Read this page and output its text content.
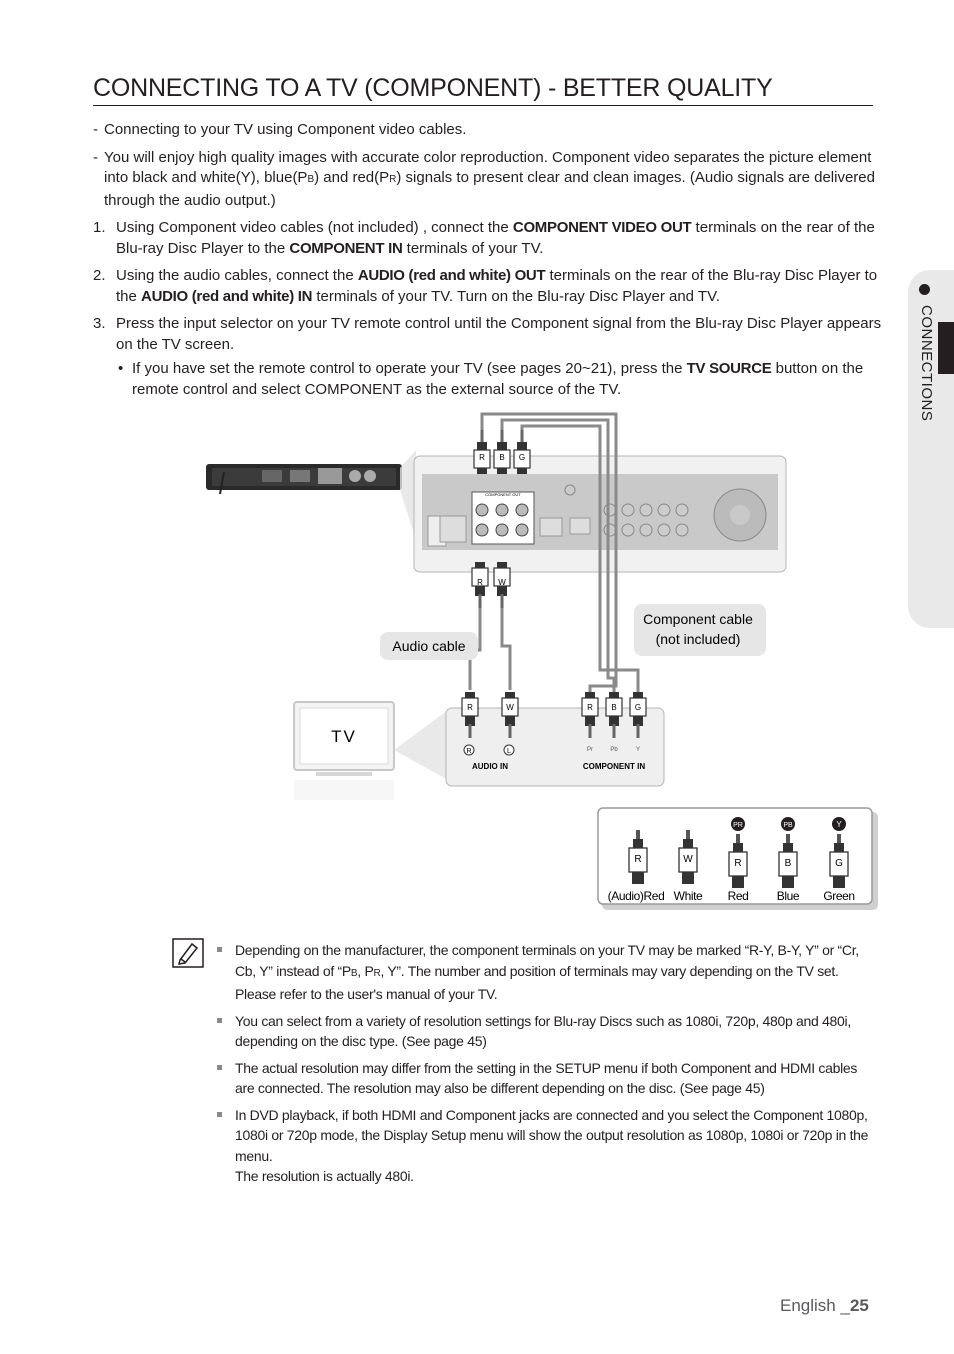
CONNECTING TO A TV (COMPONENT) - BETTER QUALITY
- Connecting to your TV using Component video cables.
- You will enjoy high quality images with accurate color reproduction. Component video separates the picture element into black and white(Y), blue(PB) and red(PR) signals to present clear and clean images. (Audio signals are delivered through the audio output.)
1. Using Component video cables (not included) , connect the COMPONENT VIDEO OUT terminals on the rear of the Blu-ray Disc Player to the COMPONENT IN terminals of your TV.
2. Using the audio cables, connect the AUDIO (red and white) OUT terminals on the rear of the Blu-ray Disc Player to the AUDIO (red and white) IN terminals of your TV. Turn on the Blu-ray Disc Player and TV.
3. Press the input selector on your TV remote control until the Component signal from the Blu-ray Disc Player appears on the TV screen.
• If you have set the remote control to operate your TV (see pages 20~21), press the TV SOURCE button on the remote control and select COMPONENT as the external source of the TV.	CONNECTIONS
COMPONENT OUT
R B G
R W
Audio cable
Component cable
(not included)
TV
R	L
AUDIO IN
Pr	Pb	Y
COMPONENT IN
R	W	R B G
R
(Audio)Red
W
White
PR
R
Red
PB
B
Blue
Y
G
Green
Depending on the manufacturer, the component terminals on your TV may be marked “R-Y, B-Y, Y” or “Cr, Cb, Y” instead of “PB, PR, Y”. The number and position of terminals may vary depending on the TV set. Please refer to the user's manual of your TV.
You can select from a variety of resolution settings for Blu-ray Discs such as 1080i, 720p, 480p and 480i, depending on the disc type. (See page 45)
The actual resolution may differ from the setting in the SETUP menu if both Component and HDMI cables are connected. The resolution may also be different depending on the disc. (See page 45)
In DVD playback, if both HDMI and Component jacks are connected and you select the Component 1080p, 1080i or 720p mode, the Display Setup menu will show the output resolution as 1080p, 1080i or 720p in the menu.
The resolution is actually 480i.
English _25
